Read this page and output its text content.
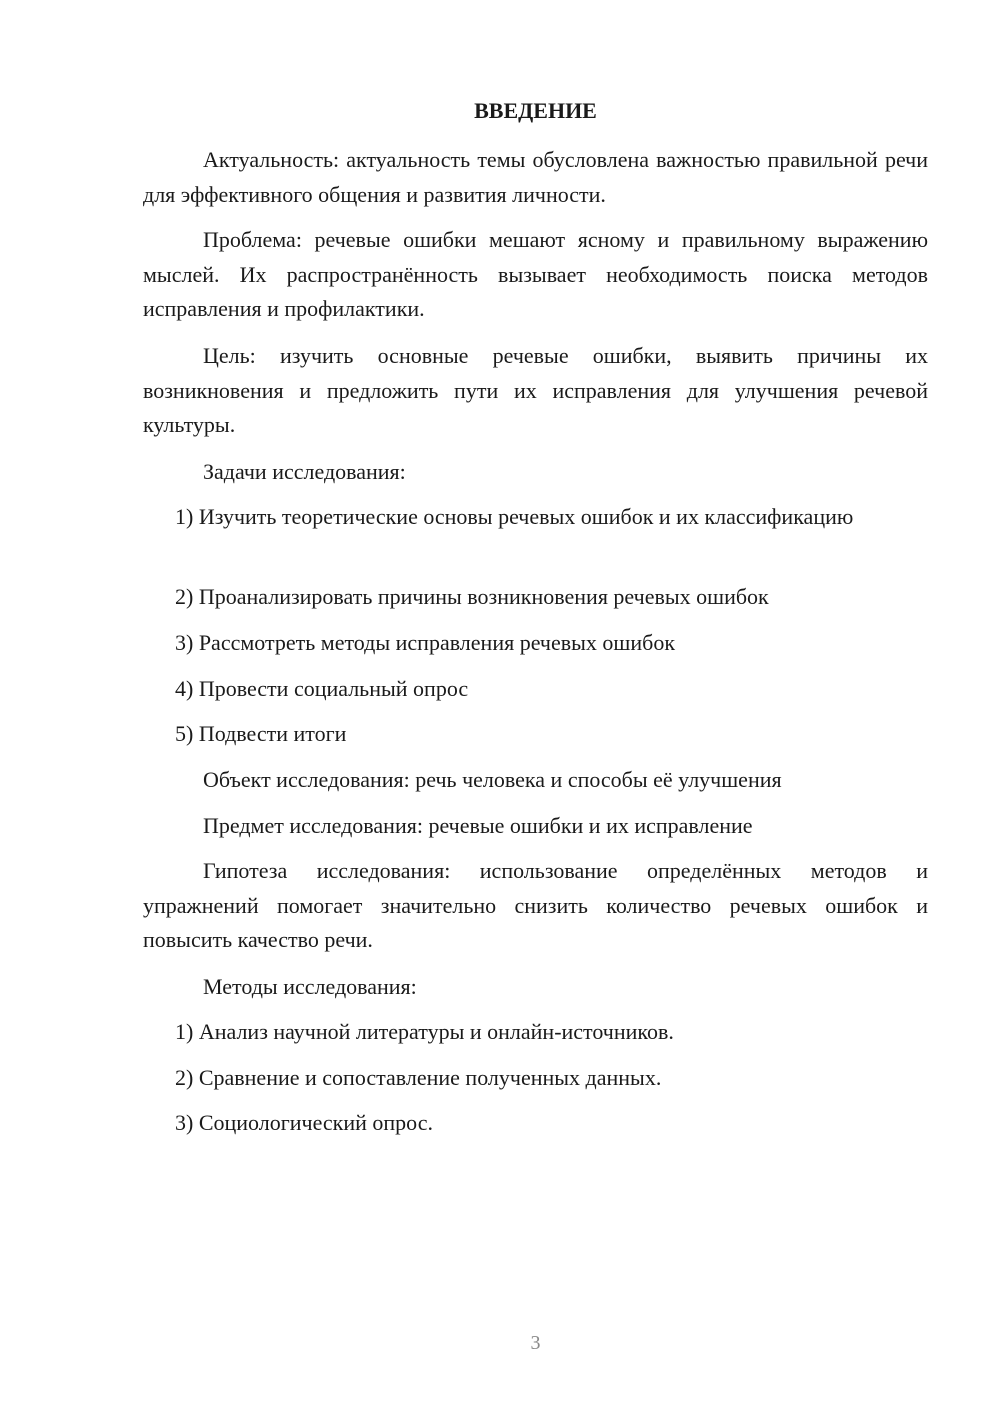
ВВЕДЕНИЕ

Актуальность: актуальность темы обусловлена важностью правильной речи для эффективного общения и развития личности.

Проблема: речевые ошибки мешают ясному и правильному выражению мыслей. Их распространённость вызывает необходимость поиска методов исправления и профилактики.

Цель: изучить основные речевые ошибки, выявить причины их возникновения и предложить пути их исправления для улучшения речевой культуры.

Задачи исследования:

1) Изучить теоретические основы речевых ошибок и их классификацию

2) Проанализировать причины возникновения речевых ошибок

3) Рассмотреть методы исправления речевых ошибок

4) Провести социальный опрос

5) Подвести итоги

Объект исследования: речь человека и способы её улучшения

Предмет исследования: речевые ошибки и их исправление

Гипотеза исследования: использование определённых методов и упражнений помогает значительно снизить количество речевых ошибок и повысить качество речи.

Методы исследования:

1) Анализ научной литературы и онлайн-источников.

2) Сравнение и сопоставление полученных данных.

3) Социологический опрос.

3
